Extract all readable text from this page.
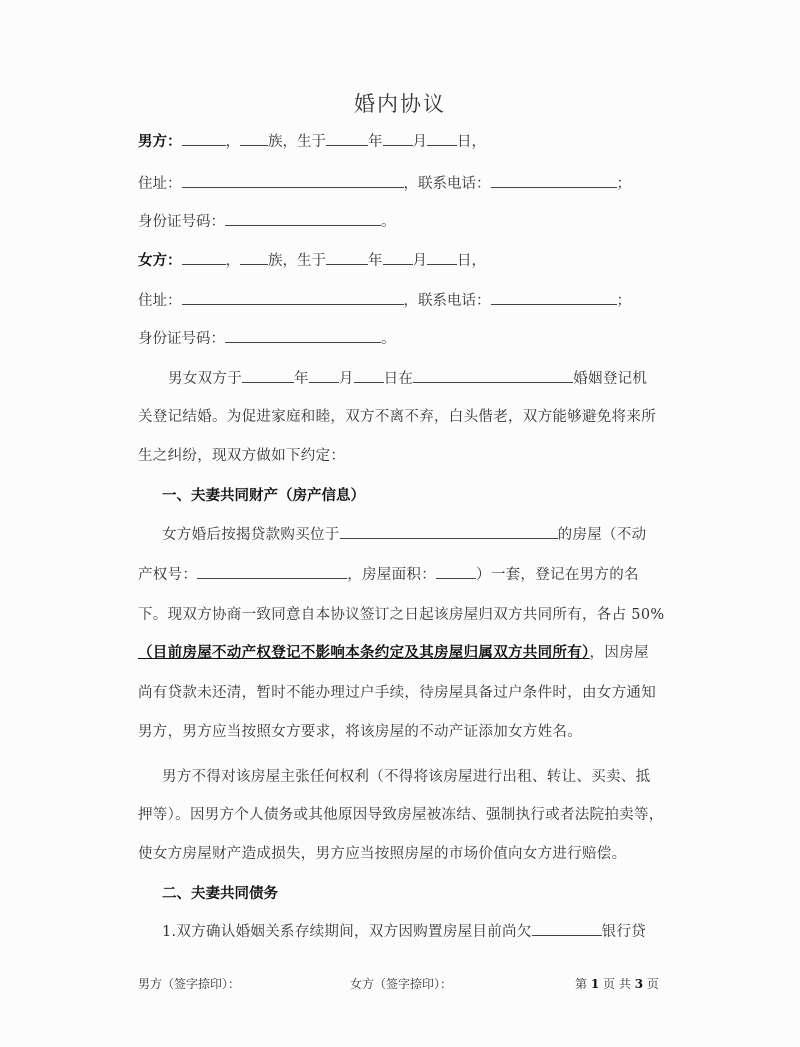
婚内协议
男方：	， 族，生于	年 月 日，
住址：	，联系电话：	；
身份证号码：	。
女方：	， 族，生于	年 月 日，
住址：	，联系电话：	；
身份证号码：	。
男女双方于	年 月 日在	婚姻登记机
关登记结婚。为促进家庭和睦，双方不离不弃，白头偕老，双方能够避免将来所
生之纠纷，现双方做如下约定：
一、夫妻共同财产（房产信息）
女方婚后按揭贷款购买位于	的房屋（不动
产权号：	，房屋面积：	）一套，登记在男方的名
下。现双方协商一致同意自本协议签订之日起该房屋归双方共同所有，各占 50%
（目前房屋不动产权登记不影响本条约定及其房屋归属双方共同所有），因房屋
尚有贷款未还清，暂时不能办理过户手续，待房屋具备过户条件时，由女方通知
男方，男方应当按照女方要求，将该房屋的不动产证添加女方姓名。
男方不得对该房屋主张任何权利（不得将该房屋进行出租、转让、买卖、抵
押等）。因男方个人债务或其他原因导致房屋被冻结、强制执行或者法院拍卖等，
使女方房屋财产造成损失，男方应当按照房屋的市场价值向女方进行赔偿。
二、夫妻共同债务
1.双方确认婚姻关系存续期间，双方因购置房屋目前尚欠	银行贷
男方（签字捺印）：	女方（签字捺印）：	第 1 页 共 3 页
